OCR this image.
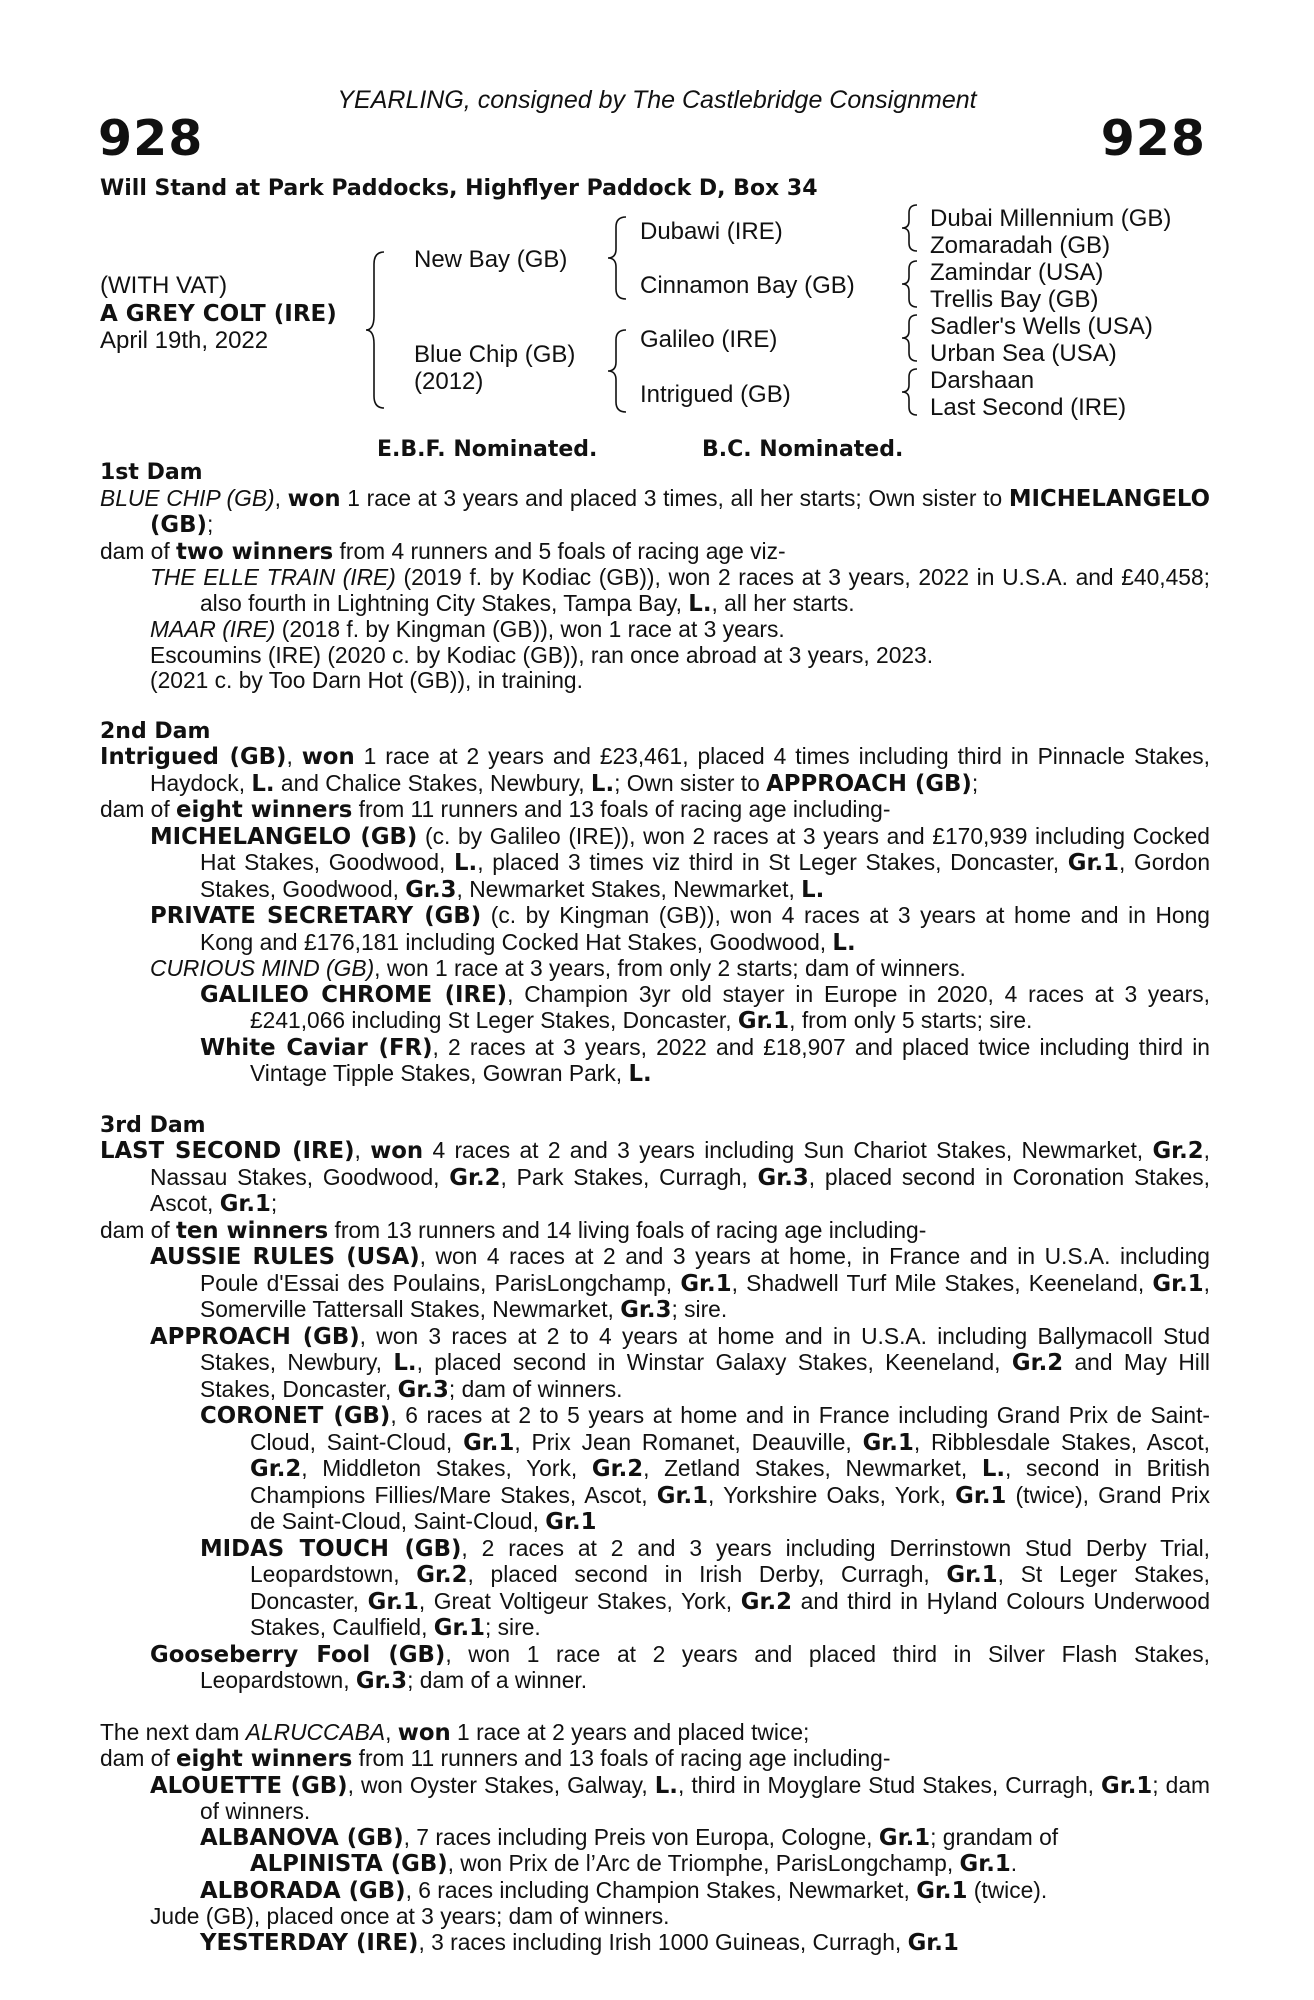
YEARLING, consigned by The Castlebridge Consignment
928	928
Will Stand at Park Paddocks, Highflyer Paddock D, Box 34
(WITH VAT)
A GREY COLT (IRE)
April 19th, 2022
New Bay (GB)
Blue Chip (GB)
(2012)
Dubawi (IRE)
Cinnamon Bay (GB)
Galileo (IRE)
Intrigued (GB)
Dubai Millennium (GB)
Zomaradah (GB)
Zamindar (USA)
Trellis Bay (GB)
Sadler's Wells (USA)
Urban Sea (USA)
Darshaan
Last Second (IRE)
E.B.F. Nominated.	B.C. Nominated.

1st Dam

BLUE CHIP (GB), won 1 race at 3 years and placed 3 times, all her starts; Own sister to MICHELANGELO (GB);

dam of two winners from 4 runners and 5 foals of racing age viz-

THE ELLE TRAIN (IRE) (2019 f. by Kodiac (GB)), won 2 races at 3 years, 2022 in U.S.A. and £40,458; also fourth in Lightning City Stakes, Tampa Bay, L., all her starts.

MAAR (IRE) (2018 f. by Kingman (GB)), won 1 race at 3 years.

Escoumins (IRE) (2020 c. by Kodiac (GB)), ran once abroad at 3 years, 2023.

(2021 c. by Too Darn Hot (GB)), in training.

2nd Dam

Intrigued (GB), won 1 race at 2 years and £23,461, placed 4 times including third in Pinnacle Stakes, Haydock, L. and Chalice Stakes, Newbury, L.; Own sister to APPROACH (GB);

dam of eight winners from 11 runners and 13 foals of racing age including-

MICHELANGELO (GB) (c. by Galileo (IRE)), won 2 races at 3 years and £170,939 including Cocked Hat Stakes, Goodwood, L., placed 3 times viz third in St Leger Stakes, Doncaster, Gr.1, Gordon Stakes, Goodwood, Gr.3, Newmarket Stakes, Newmarket, L.

PRIVATE SECRETARY (GB) (c. by Kingman (GB)), won 4 races at 3 years at home and in Hong Kong and £176,181 including Cocked Hat Stakes, Goodwood, L.

CURIOUS MIND (GB), won 1 race at 3 years, from only 2 starts; dam of winners.

GALILEO CHROME (IRE), Champion 3yr old stayer in Europe in 2020, 4 races at 3 years, £241,066 including St Leger Stakes, Doncaster, Gr.1, from only 5 starts; sire.

White Caviar (FR), 2 races at 3 years, 2022 and £18,907 and placed twice including third in Vintage Tipple Stakes, Gowran Park, L.

3rd Dam

LAST SECOND (IRE), won 4 races at 2 and 3 years including Sun Chariot Stakes, Newmarket, Gr.2, Nassau Stakes, Goodwood, Gr.2, Park Stakes, Curragh, Gr.3, placed second in Coronation Stakes, Ascot, Gr.1;

dam of ten winners from 13 runners and 14 living foals of racing age including-

AUSSIE RULES (USA), won 4 races at 2 and 3 years at home, in France and in U.S.A. including Poule d'Essai des Poulains, ParisLongchamp, Gr.1, Shadwell Turf Mile Stakes, Keeneland, Gr.1, Somerville Tattersall Stakes, Newmarket, Gr.3; sire.

APPROACH (GB), won 3 races at 2 to 4 years at home and in U.S.A. including Ballymacoll Stud Stakes, Newbury, L., placed second in Winstar Galaxy Stakes, Keeneland, Gr.2 and May Hill Stakes, Doncaster, Gr.3; dam of winners.

CORONET (GB), 6 races at 2 to 5 years at home and in France including Grand Prix de Saint-Cloud, Saint-Cloud, Gr.1, Prix Jean Romanet, Deauville, Gr.1, Ribblesdale Stakes, Ascot, Gr.2, Middleton Stakes, York, Gr.2, Zetland Stakes, Newmarket, L., second in British Champions Fillies/Mare Stakes, Ascot, Gr.1, Yorkshire Oaks, York, Gr.1 (twice), Grand Prix de Saint-Cloud, Saint-Cloud, Gr.1

MIDAS TOUCH (GB), 2 races at 2 and 3 years including Derrinstown Stud Derby Trial, Leopardstown, Gr.2, placed second in Irish Derby, Curragh, Gr.1, St Leger Stakes, Doncaster, Gr.1, Great Voltigeur Stakes, York, Gr.2 and third in Hyland Colours Underwood Stakes, Caulfield, Gr.1; sire.

Gooseberry Fool (GB), won 1 race at 2 years and placed third in Silver Flash Stakes, Leopardstown, Gr.3; dam of a winner.

The next dam ALRUCCABA, won 1 race at 2 years and placed twice;

dam of eight winners from 11 runners and 13 foals of racing age including-

ALOUETTE (GB), won Oyster Stakes, Galway, L., third in Moyglare Stud Stakes, Curragh, Gr.1; dam of winners.

ALBANOVA (GB), 7 races including Preis von Europa, Cologne, Gr.1; grandam of

ALPINISTA (GB), won Prix de l’Arc de Triomphe, ParisLongchamp, Gr.1.

ALBORADA (GB), 6 races including Champion Stakes, Newmarket, Gr.1 (twice).

Jude (GB), placed once at 3 years; dam of winners.

YESTERDAY (IRE), 3 races including Irish 1000 Guineas, Curragh, Gr.1
